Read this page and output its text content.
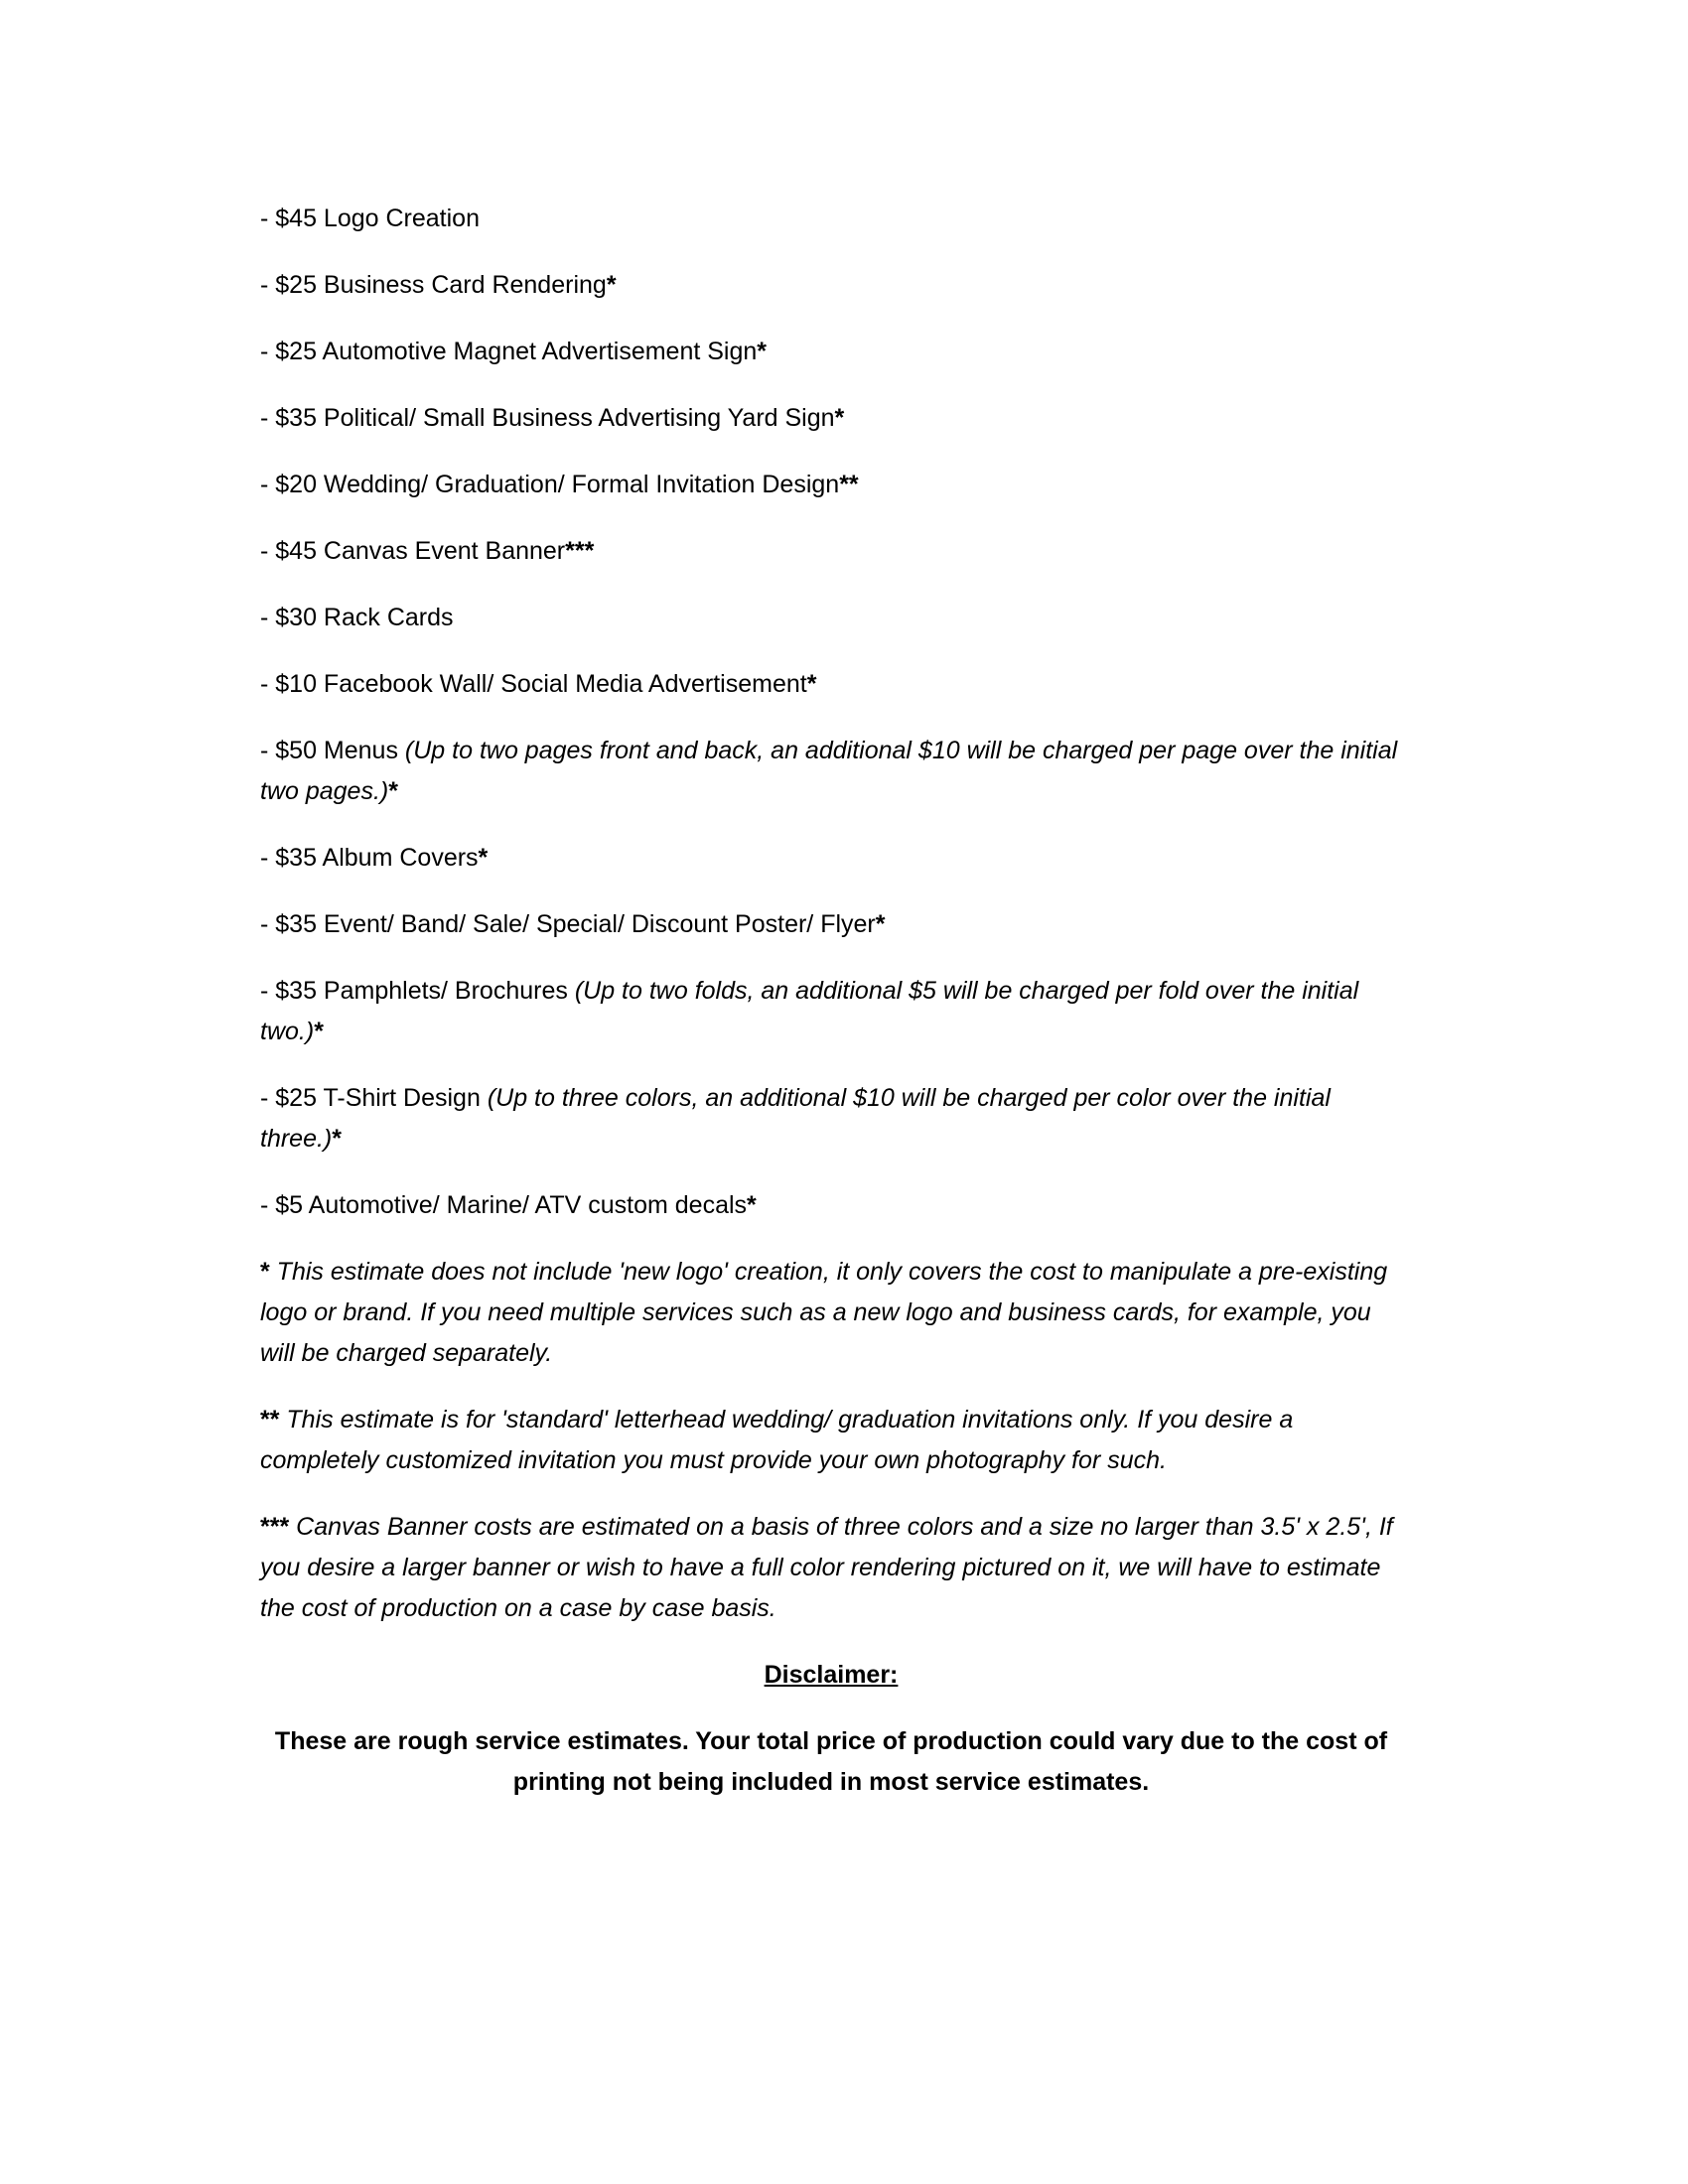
- $45 Logo Creation
- $25 Business Card Rendering*
- $25 Automotive Magnet Advertisement Sign*
- $35 Political/ Small Business Advertising Yard Sign*
- $20 Wedding/ Graduation/ Formal Invitation Design**
- $45 Canvas Event Banner***
- $30 Rack Cards
- $10 Facebook Wall/ Social Media Advertisement*
- $50 Menus (Up to two pages front and back, an additional $10 will be charged per page over the initial two pages.)*
- $35 Album Covers*
- $35 Event/ Band/ Sale/ Special/ Discount Poster/ Flyer*
- $35 Pamphlets/ Brochures (Up to two folds, an additional $5 will be charged per fold over the initial two.)*
- $25 T-Shirt Design (Up to three colors, an additional $10 will be charged per color over the initial three.)*
- $5 Automotive/ Marine/ ATV custom decals*
* This estimate does not include 'new logo' creation, it only covers the cost to manipulate a pre-existing logo or brand. If you need multiple services such as a new logo and business cards, for example, you will be charged separately.
** This estimate is for 'standard' letterhead wedding/ graduation invitations only. If you desire a completely customized invitation you must provide your own photography for such.
*** Canvas Banner costs are estimated on a basis of three colors and a size no larger than 3.5' x 2.5', If you desire a larger banner or wish to have a full color rendering pictured on it, we will have to estimate the cost of production on a case by case basis.
Disclaimer:
These are rough service estimates. Your total price of production could vary due to the cost of printing not being included in most service estimates.
